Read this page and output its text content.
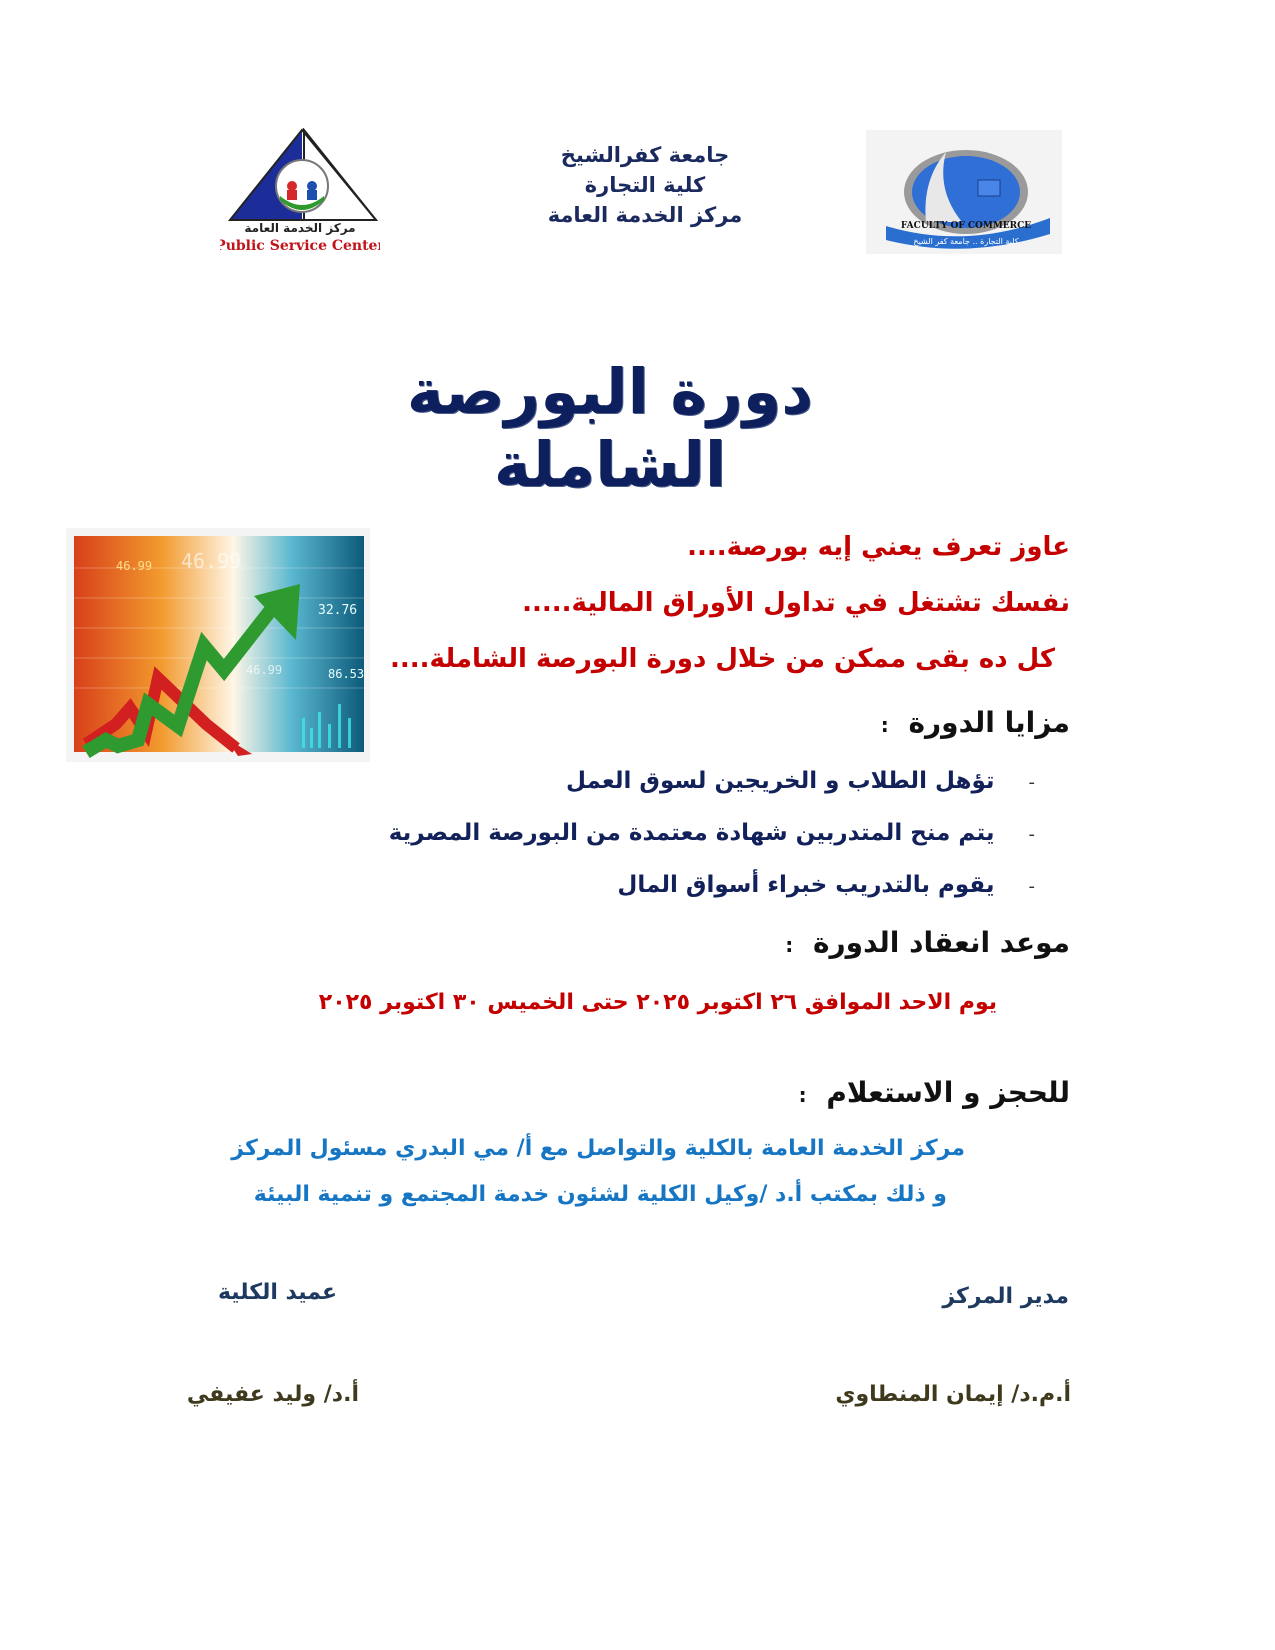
مركز الخدمة العامة
Public Service Center
جامعة كفرالشيخ
كلية التجارة
مركز الخدمة العامة	FACULTY OF COMMERCE
كلية التجارة .. جامعة كفر الشيخ
دورة البورصة الشاملة
46.99 46.99
32.76
46.99	86.53
عاوز تعرف يعني إيه بورصة....
نفسك تشتغل في تداول الأوراق المالية.....
كل ده بقى ممكن من خلال دورة البورصة الشاملة....
مزايا الدورة :
-تؤهل الطلاب و الخريجين لسوق العمل
-يتم منح المتدربين شهادة معتمدة من البورصة المصرية
-يقوم بالتدريب خبراء أسواق المال
موعد انعقاد الدورة :
يوم الاحد الموافق ٢٦ اكتوبر ٢٠٢٥ حتى الخميس ٣٠ اكتوبر ٢٠٢٥
للحجز و الاستعلام :
مركز الخدمة العامة بالكلية والتواصل مع أ/ مي البدري مسئول المركز
و ذلك بمكتب أ.د /وكيل الكلية لشئون خدمة المجتمع و تنمية البيئة
مدير المركز
عميد الكلية
أ.م.د/ إيمان المنطاوي
أ.د/ وليد عفيفي
